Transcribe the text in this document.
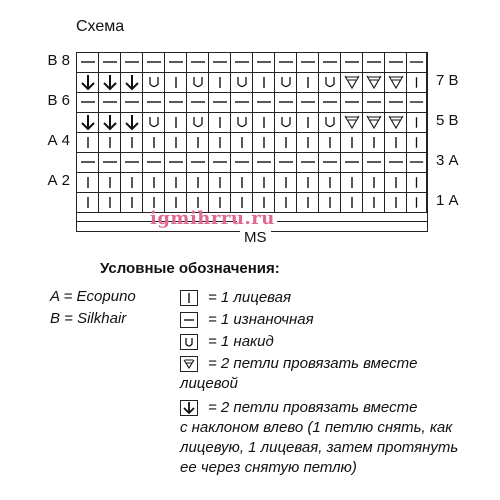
Схема
В 8
В 6
А 4
А 2
7 В
5 В
3 А
1 А
igmihrru.ru
MS
Условные обозначения:
A = Ecopuno
B = Silkhair
= 1 лицевая
= 1 изнаночная
= 1 накид
= 2 петли провязать вместе
лицевой
= 2 петли провязать вместе
с наклоном влево (1 петлю снять, как
лицевую, 1 лицевая, затем протянуть
ее через снятую петлю)
